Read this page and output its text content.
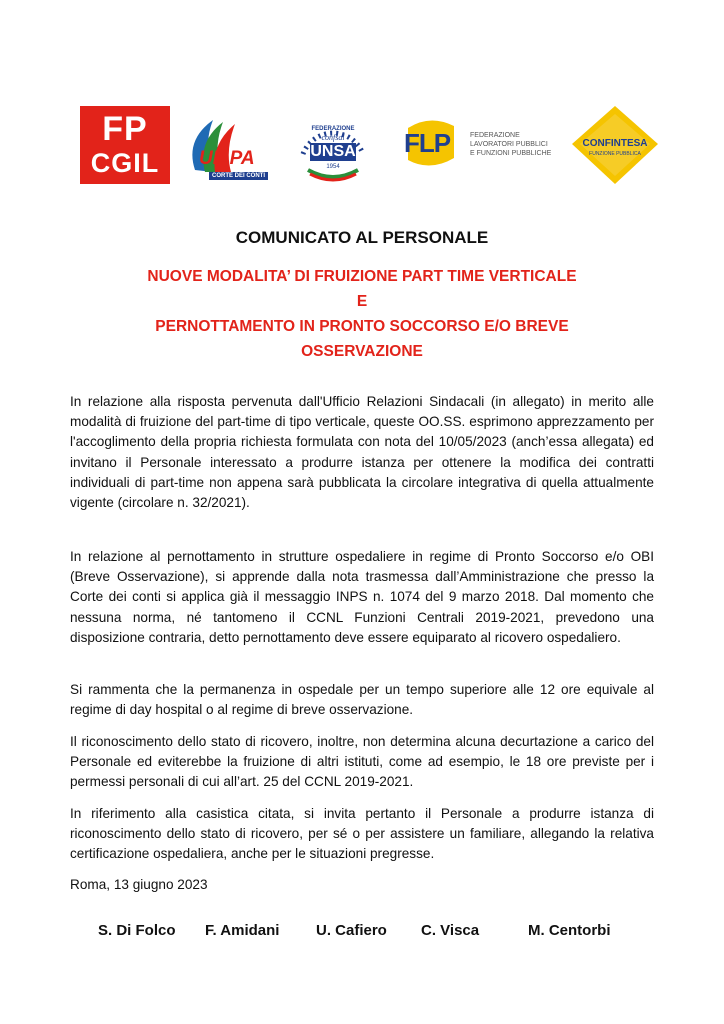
FP
CGIL	UILPA
CORTE DEI CONTI
FEDERAZIONE
confsal
UNSA
1954
FLP	FEDERAZIONE
LAVORATORI PUBBLICI
E FUNZIONI PUBBLICHE
CONFINTESA
FUNZIONE PUBBLICA
COMUNICATO AL PERSONALE
NUOVE MODALITA’ DI FRUIZIONE PART TIME VERTICALE
E
PERNOTTAMENTO IN PRONTO SOCCORSO E/O BREVE
OSSERVAZIONE
In relazione alla risposta pervenuta dall'Ufficio Relazioni Sindacali (in allegato) in merito alle modalità di fruizione del part-time di tipo verticale, queste OO.SS. esprimono apprezzamento per l'accoglimento della propria richiesta formulata con nota del 10/05/2023 (anch’essa allegata) ed invitano il Personale interessato a produrre istanza per ottenere la modifica dei contratti individuali di part-time non appena sarà pubblicata la circolare integrativa di quella attualmente vigente (circolare n. 32/2021).
In relazione al pernottamento in strutture ospedaliere in regime di Pronto Soccorso e/o OBI (Breve Osservazione), si apprende dalla nota trasmessa dall’Amministrazione che presso la Corte dei conti si applica già il messaggio INPS n. 1074 del 9 marzo 2018. Dal momento che nessuna norma, né tantomeno il CCNL Funzioni Centrali 2019-2021, prevedono una disposizione contraria, detto pernottamento deve essere equiparato al ricovero ospedaliero.
Si rammenta che la permanenza in ospedale per un tempo superiore alle 12 ore equivale al regime di day hospital o al regime di breve osservazione.
Il riconoscimento dello stato di ricovero, inoltre, non determina alcuna decurtazione a carico del Personale ed eviterebbe la fruizione di altri istituti, come ad esempio, le 18 ore previste per i permessi personali di cui all’art. 25 del CCNL 2019-2021.
In riferimento alla casistica citata, si invita pertanto il Personale a produrre istanza di riconoscimento dello stato di ricovero, per sé o per assistere un familiare, allegando la relativa certificazione ospedaliera, anche per le situazioni pregresse.
Roma, 13 giugno 2023
S. Di Folco F. Amidani U. Cafiero C. Visca	M. Centorbi
